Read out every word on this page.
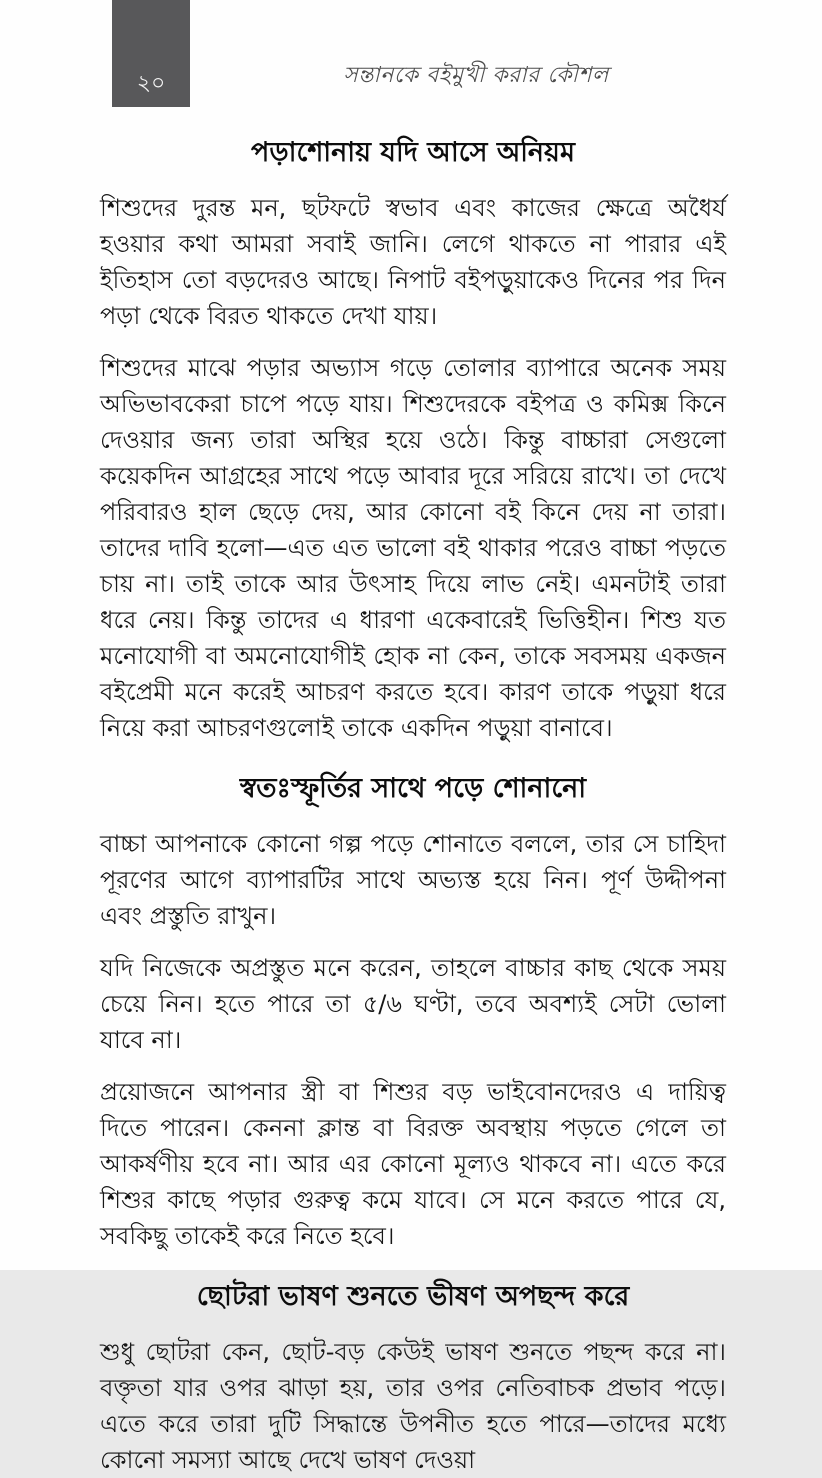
২০	সন্তানকে বইমুখী করার কৌশল
পড়াশোনায় যদি আসে অনিয়ম

শিশুদের দুরন্ত মন, ছটফটে স্বভাব এবং কাজের ক্ষেত্রে অধৈর্য হওয়ার কথা আমরা সবাই জানি। লেগে থাকতে না পারার এই ইতিহাস তো বড়দেরও আছে। নিপাট বইপড়ুয়াকেও দিনের পর দিন পড়া থেকে বিরত থাকতে দেখা যায়।

শিশুদের মাঝে পড়ার অভ্যাস গড়ে তোলার ব্যাপারে অনেক সময় অভিভাবকেরা চাপে পড়ে যায়। শিশুদেরকে বইপত্র ও কমিক্স কিনে দেওয়ার জন্য তারা অস্থির হয়ে ওঠে। কিন্তু বাচ্চারা সেগুলো কয়েকদিন আগ্রহের সাথে পড়ে আবার দূরে সরিয়ে রাখে। তা দেখে পরিবারও হাল ছেড়ে দেয়, আর কোনো বই কিনে দেয় না তারা। তাদের দাবি হলো—এত এত ভালো বই থাকার পরেও বাচ্চা পড়তে চায় না। তাই তাকে আর উৎসাহ দিয়ে লাভ নেই। এমনটাই তারা ধরে নেয়। কিন্তু তাদের এ ধারণা একেবারেই ভিত্তিহীন। শিশু যত মনোযোগী বা অমনোযোগীই হোক না কেন, তাকে সবসময় একজন বইপ্রেমী মনে করেই আচরণ করতে হবে। কারণ তাকে পড়ুয়া ধরে নিয়ে করা আচরণগুলোই তাকে একদিন পড়ুয়া বানাবে।

স্বতঃস্ফূর্তির সাথে পড়ে শোনানো

বাচ্চা আপনাকে কোনো গল্প পড়ে শোনাতে বললে, তার সে চাহিদা পূরণের আগে ব্যাপারটির সাথে অভ্যস্ত হয়ে নিন। পূর্ণ উদ্দীপনা এবং প্রস্তুতি রাখুন।

যদি নিজেকে অপ্রস্তুত মনে করেন, তাহলে বাচ্চার কাছ থেকে সময় চেয়ে নিন। হতে পারে তা ৫/৬ ঘণ্টা, তবে অবশ্যই সেটা ভোলা যাবে না।

প্রয়োজনে আপনার স্ত্রী বা শিশুর বড় ভাইবোনদেরও এ দায়িত্ব দিতে পারেন। কেননা ক্লান্ত বা বিরক্ত অবস্থায় পড়তে গেলে তা আকর্ষণীয় হবে না। আর এর কোনো মূল্যও থাকবে না। এতে করে শিশুর কাছে পড়ার গুরুত্ব কমে যাবে। সে মনে করতে পারে যে, সবকিছু তাকেই করে নিতে হবে।

ছোটরা ভাষণ শুনতে ভীষণ অপছন্দ করে

শুধু ছোটরা কেন, ছোট-বড় কেউই ভাষণ শুনতে পছন্দ করে না। বক্তৃতা যার ওপর ঝাড়া হয়, তার ওপর নেতিবাচক প্রভাব পড়ে। এতে করে তারা দুটি সিদ্ধান্তে উপনীত হতে পারে—তাদের মধ্যে কোনো সমস্যা আছে দেখে ভাষণ দেওয়া
